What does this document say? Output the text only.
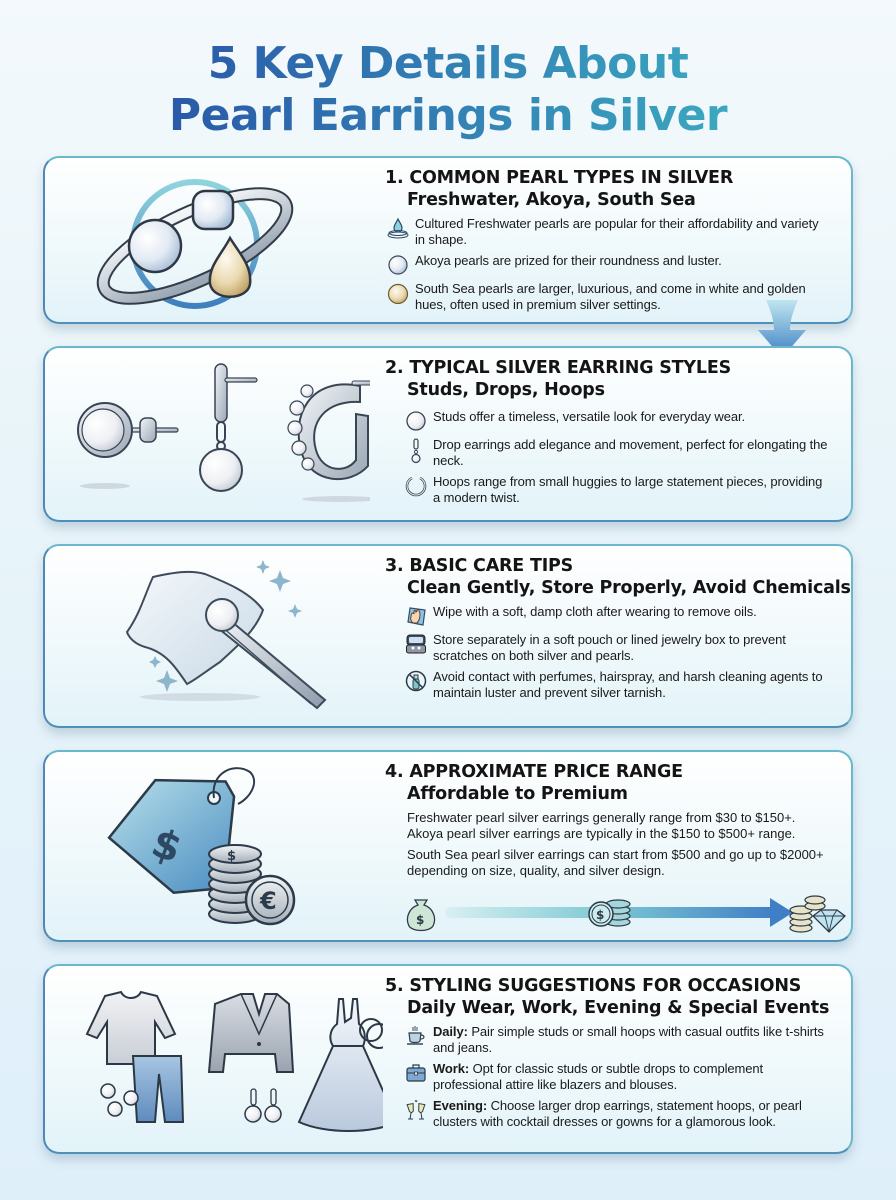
5 Key Details About
Pearl Earrings in Silver
1. COMMON PEARL TYPES IN SILVER
Freshwater, Akoya, South Sea
Cultured Freshwater pearls are popular for their affordability and variety in shape.
Akoya pearls are prized for their roundness and luster.
South Sea pearls are larger, luxurious, and come in white and golden hues, often used in premium silver settings.
2. TYPICAL SILVER EARRING STYLES
Studs, Drops, Hoops
Studs offer a timeless, versatile look for everyday wear.
Drop earrings add elegance and movement, perfect for elongating the neck.
Hoops range from small huggies to large statement pieces, providing a modern twist.
3. BASIC CARE TIPS
Clean Gently, Store Properly, Avoid Chemicals
Wipe with a soft, damp cloth after wearing to remove oils.
Store separately in a soft pouch or lined jewelry box to prevent scratches on both silver and pearls.
Avoid contact with perfumes, hairspray, and harsh cleaning agents to maintain luster and prevent silver tarnish.
$	$
€
4. APPROXIMATE PRICE RANGE
Affordable to Premium
Freshwater pearl silver earrings generally range from $30 to $150+. Akoya pearl silver earrings are typically in the $150 to $500+ range.
South Sea pearl silver earrings can start from $500 and go up to $2000+ depending on size, quality, and silver design.
$	$
5. STYLING SUGGESTIONS FOR OCCASIONS
Daily Wear, Work, Evening & Special Events
Daily: Pair simple studs or small hoops with casual outfits like t-shirts and jeans.
Work: Opt for classic studs or subtle drops to complement professional attire like blazers and blouses.
Evening: Choose larger drop earrings, statement hoops, or pearl clusters with cocktail dresses or gowns for a glamorous look.
